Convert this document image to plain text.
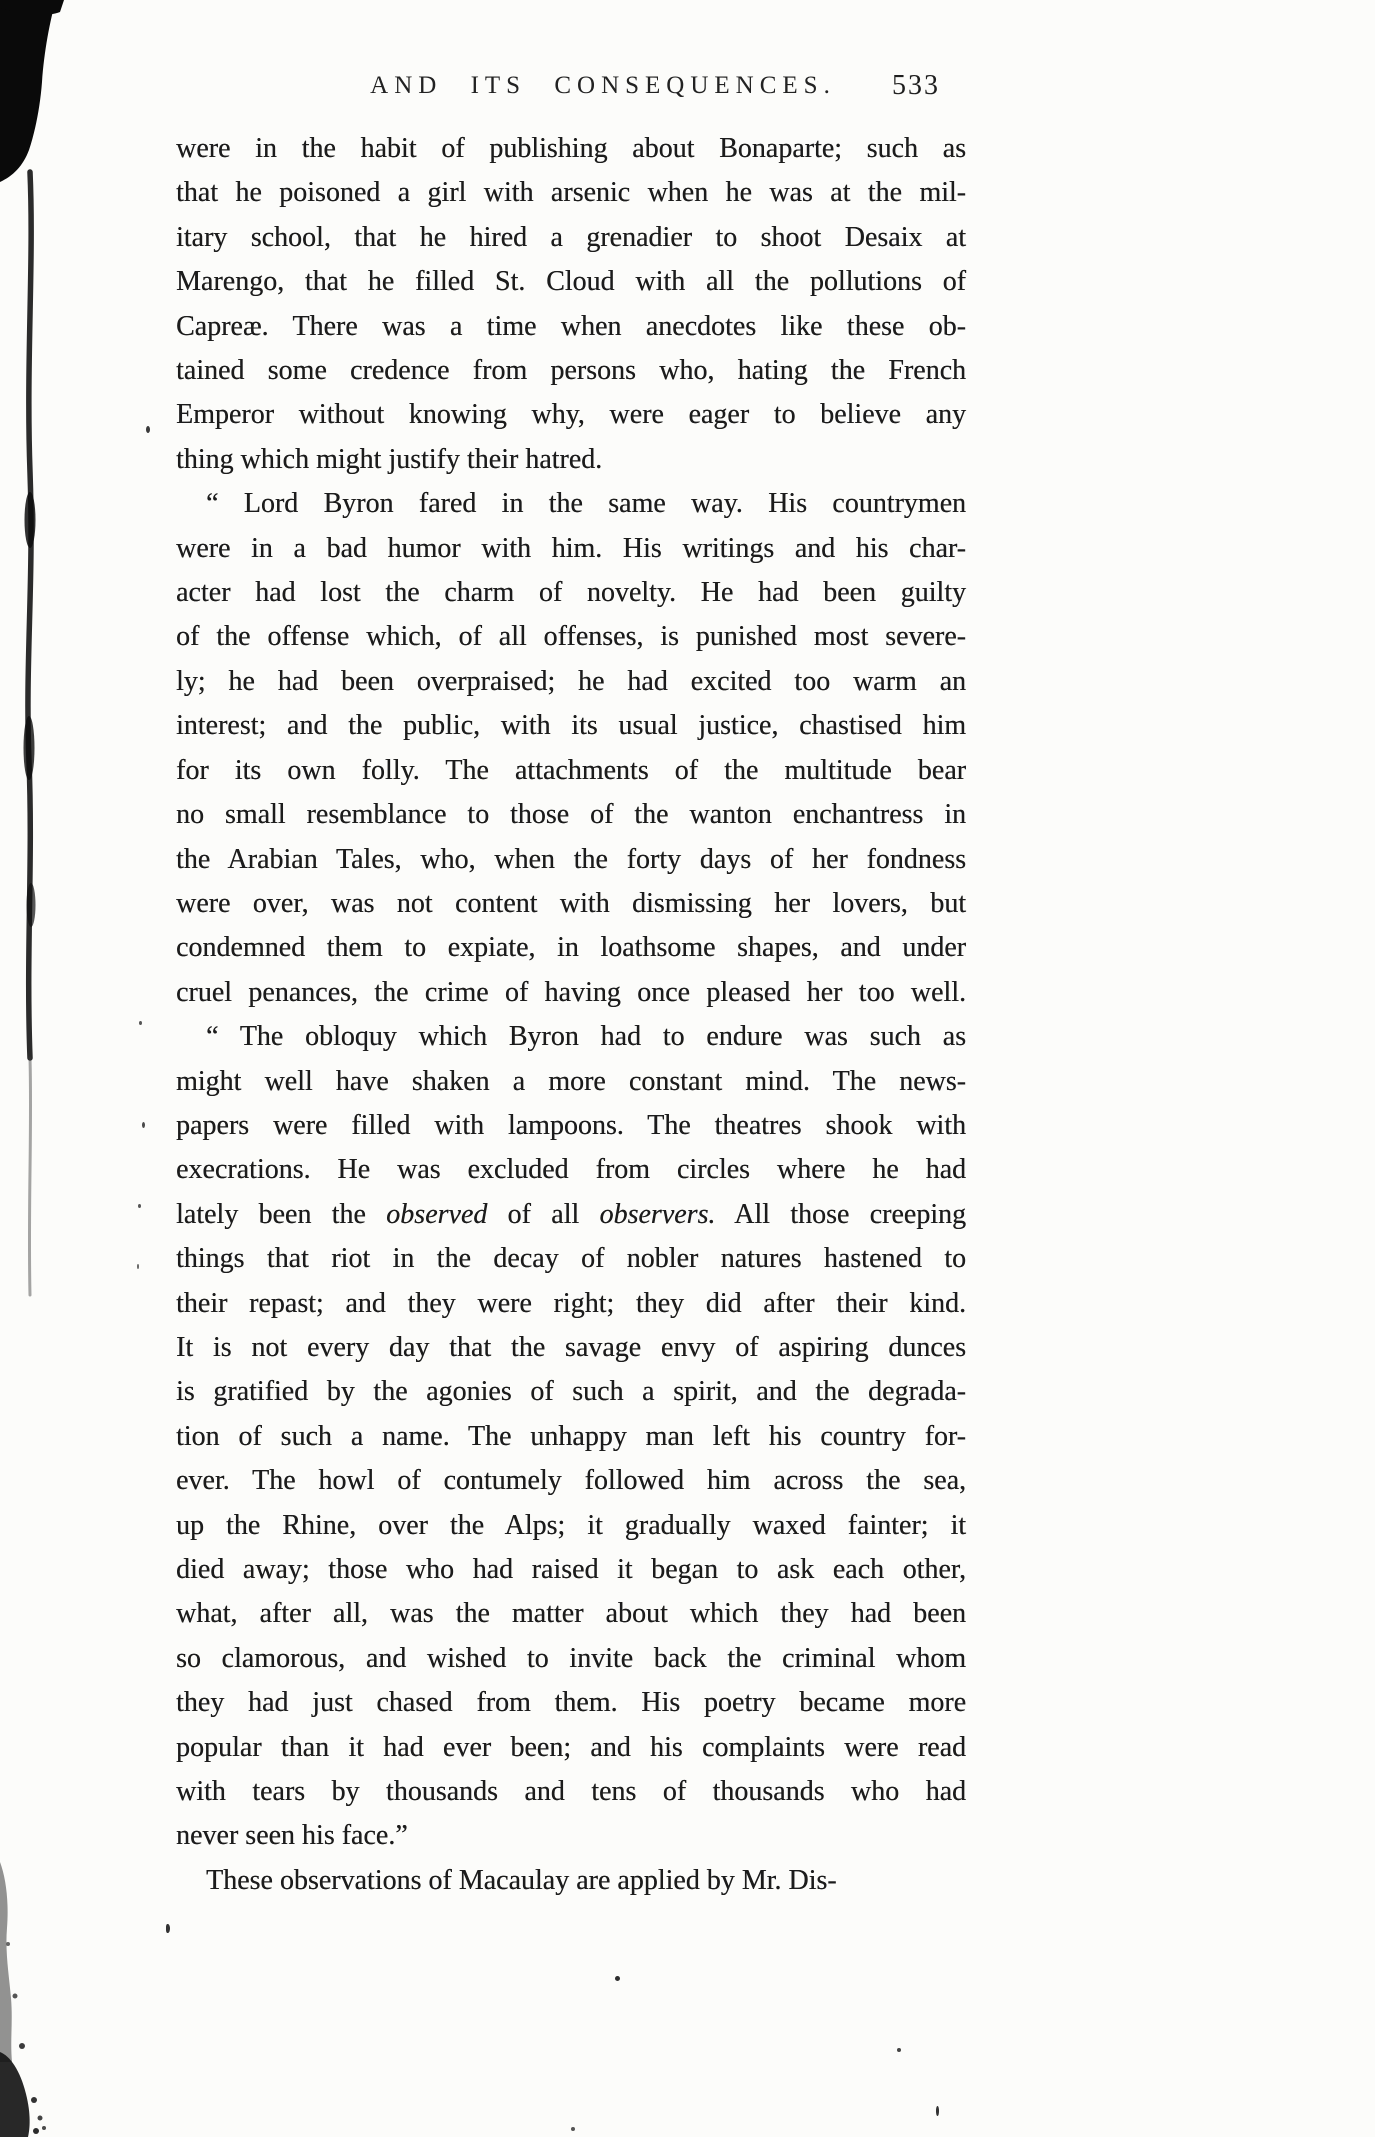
AND ITS CONSEQUENCES. 533
were in the habit of publishing about Bonaparte; such as
that he poisoned a girl with arsenic when he was at the mil-
itary school, that he hired a grenadier to shoot Desaix at
Marengo, that he filled St. Cloud with all the pollutions of
Capreæ. There was a time when anecdotes like these ob-
tained some credence from persons who, hating the French
Emperor without knowing why, were eager to believe any
thing which might justify their hatred.
“ Lord Byron fared in the same way. His countrymen
were in a bad humor with him. His writings and his char-
acter had lost the charm of novelty. He had been guilty
of the offense which, of all offenses, is punished most severe-
ly; he had been overpraised; he had excited too warm an
interest; and the public, with its usual justice, chastised him
for its own folly. The attachments of the multitude bear
no small resemblance to those of the wanton enchantress in
the Arabian Tales, who, when the forty days of her fondness
were over, was not content with dismissing her lovers, but
condemned them to expiate, in loathsome shapes, and under
cruel penances, the crime of having once pleased her too well.
“ The obloquy which Byron had to endure was such as
might well have shaken a more constant mind. The news-
papers were filled with lampoons. The theatres shook with
execrations. He was excluded from circles where he had
lately been the observed of all observers. All those creeping
things that riot in the decay of nobler natures hastened to
their repast; and they were right; they did after their kind.
It is not every day that the savage envy of aspiring dunces
is gratified by the agonies of such a spirit, and the degrada-
tion of such a name. The unhappy man left his country for-
ever. The howl of contumely followed him across the sea,
up the Rhine, over the Alps; it gradually waxed fainter; it
died away; those who had raised it began to ask each other,
what, after all, was the matter about which they had been
so clamorous, and wished to invite back the criminal whom
they had just chased from them. His poetry became more
popular than it had ever been; and his complaints were read
with tears by thousands and tens of thousands who had
never seen his face.”
These observations of Macaulay are applied by Mr. Dis-
